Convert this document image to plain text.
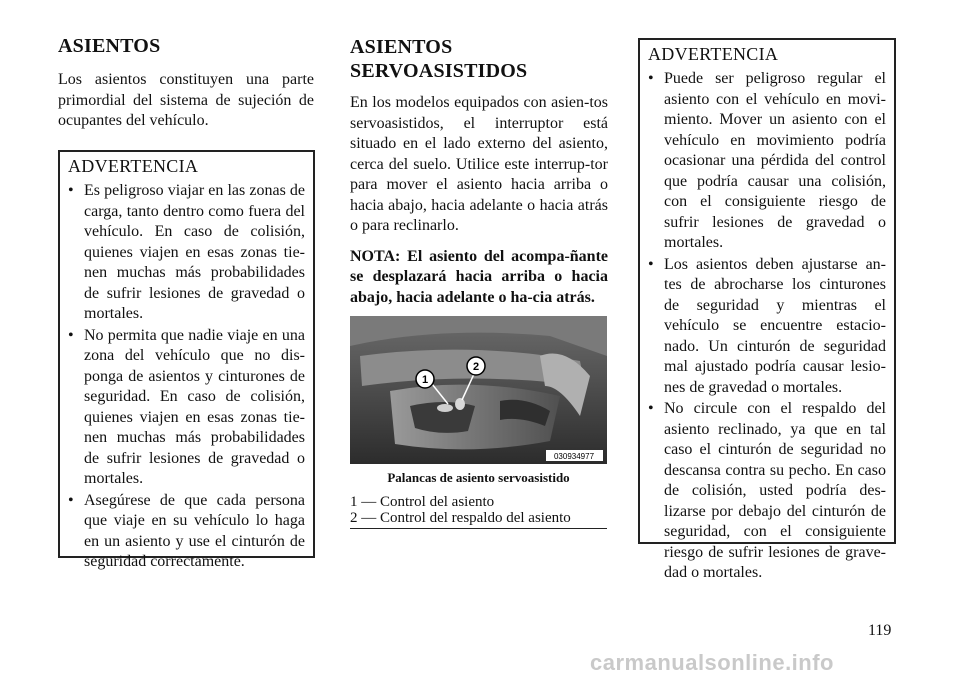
ASIENTOS

Los asientos constituyen una parte primordial del sistema de sujeción de ocupantes del vehículo.

ADVERTENCIA
• Es peligroso viajar en las zonas de carga, tanto dentro como fuera del vehículo. En caso de colisión, quienes viajen en esas zonas tie-nen muchas más probabilidades de sufrir lesiones de gravedad o mortales.
• No permita que nadie viaje en una zona del vehículo que no dis-ponga de asientos y cinturones de seguridad. En caso de colisión, quienes viajen en esas zonas tie-nen muchas más probabilidades de sufrir lesiones de gravedad o mortales.
• Asegúrese de que cada persona que viaje en su vehículo lo haga en un asiento y use el cinturón de seguridad correctamente.
ASIENTOS
SERVOASISTIDOS

En los modelos equipados con asien-tos servoasistidos, el interruptor está situado en el lado externo del asiento, cerca del suelo. Utilice este interrup-tor para mover el asiento hacia arriba o hacia abajo, hacia adelante o hacia atrás o para reclinarlo.

NOTA: El asiento del acompa-ñante se desplazará hacia arriba o hacia abajo, hacia adelante o ha-cia atrás.

1
2
030934977
Palancas de asiento servoasistido

1 — Control del asiento

2 — Control del respaldo del asiento

ADVERTENCIA
• Puede ser peligroso regular el asiento con el vehículo en movi-miento. Mover un asiento con el vehículo en movimiento podría ocasionar una pérdida del control que podría causar una colisión, con el consiguiente riesgo de sufrir lesiones de gravedad o mortales.
• Los asientos deben ajustarse an-tes de abrocharse los cinturones de seguridad y mientras el vehículo se encuentre estacio-nado. Un cinturón de seguridad mal ajustado podría causar lesio-nes de gravedad o mortales.
• No circule con el respaldo del asiento reclinado, ya que en tal caso el cinturón de seguridad no descansa contra su pecho. En caso de colisión, usted podría des-lizarse por debajo del cinturón de seguridad, con el consiguiente riesgo de sufrir lesiones de grave-dad o mortales.
119
carmanualsonline.info
